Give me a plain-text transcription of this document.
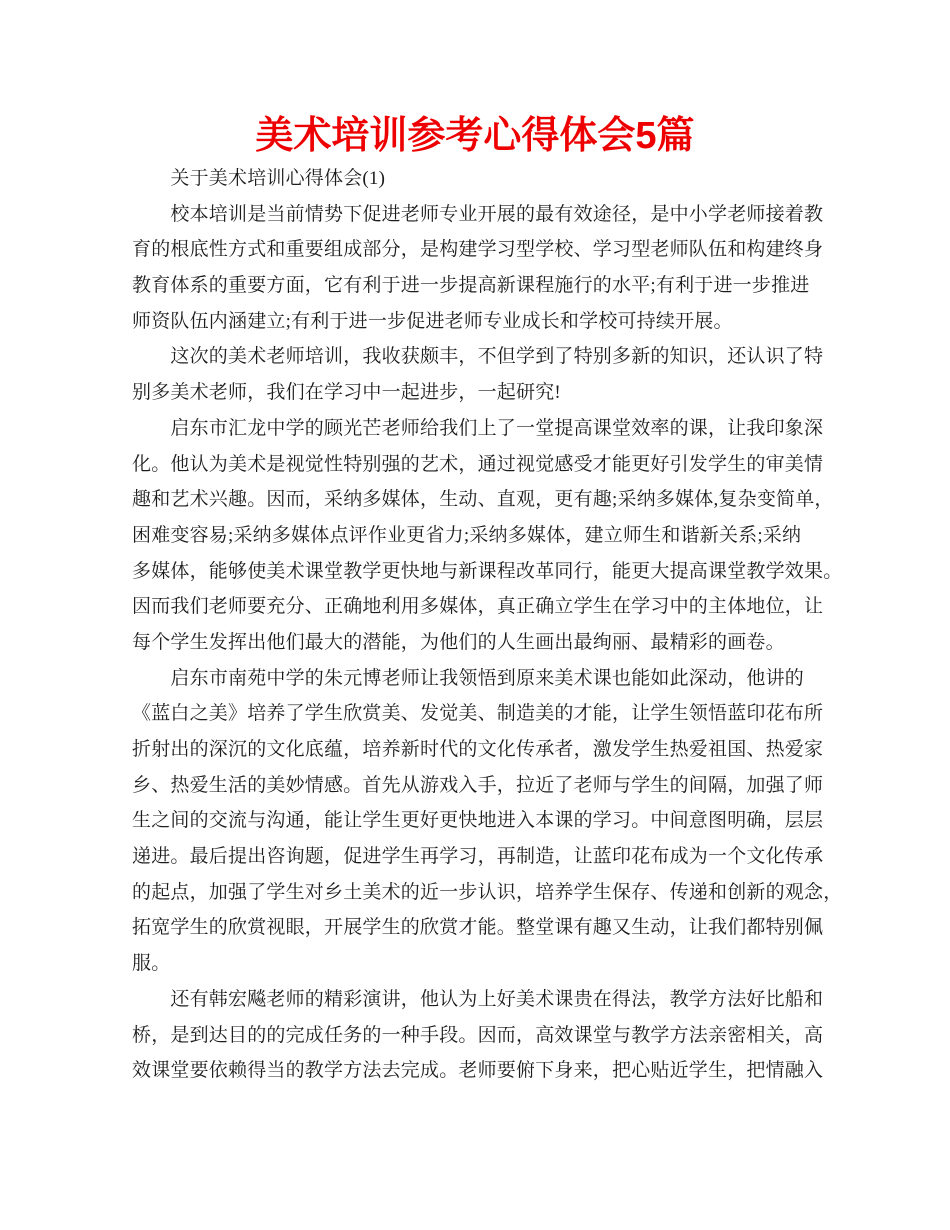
美术培训参考心得体会5篇
　　关于美术培训心得体会(1)
　　校本培训是当前情势下促进老师专业开展的最有效途径，是中小学老师接着教
育的根底性方式和重要组成部分，是构建学习型学校、学习型老师队伍和构建终身
教育体系的重要方面，它有利于进一步提高新课程施行的水平;有利于进一步推进
师资队伍内涵建立;有利于进一步促进老师专业成长和学校可持续开展。
　　这次的美术老师培训，我收获颇丰，不但学到了特别多新的知识，还认识了特
别多美术老师，我们在学习中一起进步，一起研究!
　　启东市汇龙中学的顾光芒老师给我们上了一堂提高课堂效率的课，让我印象深
化。他认为美术是视觉性特别强的艺术，通过视觉感受才能更好引发学生的审美情
趣和艺术兴趣。因而，采纳多媒体，生动、直观，更有趣;采纳多媒体,复杂变简单，
困难变容易;采纳多媒体点评作业更省力;采纳多媒体，建立师生和谐新关系;采纳
多媒体，能够使美术课堂教学更快地与新课程改革同行，能更大提高课堂教学效果。
因而我们老师要充分、正确地利用多媒体，真正确立学生在学习中的主体地位，让
每个学生发挥出他们最大的潜能，为他们的人生画出最绚丽、最精彩的画卷。
　　启东市南苑中学的朱元博老师让我领悟到原来美术课也能如此深动，他讲的
《蓝白之美》培养了学生欣赏美、发觉美、制造美的才能，让学生领悟蓝印花布所
折射出的深沉的文化底蕴，培养新时代的文化传承者，激发学生热爱祖国、热爱家
乡、热爱生活的美妙情感。首先从游戏入手，拉近了老师与学生的间隔，加强了师
生之间的交流与沟通，能让学生更好更快地进入本课的学习。中间意图明确，层层
递进。最后提出咨询题，促进学生再学习，再制造，让蓝印花布成为一个文化传承
的起点，加强了学生对乡土美术的近一步认识，培养学生保存、传递和创新的观念，
拓宽学生的欣赏视眼，开展学生的欣赏才能。整堂课有趣又生动，让我们都特别佩
服。
　　还有韩宏飚老师的精彩演讲，他认为上好美术课贵在得法，教学方法好比船和
桥，是到达目的的完成任务的一种手段。因而，高效课堂与教学方法亲密相关，高
效课堂要依赖得当的教学方法去完成。老师要俯下身来，把心贴近学生，把情融入
